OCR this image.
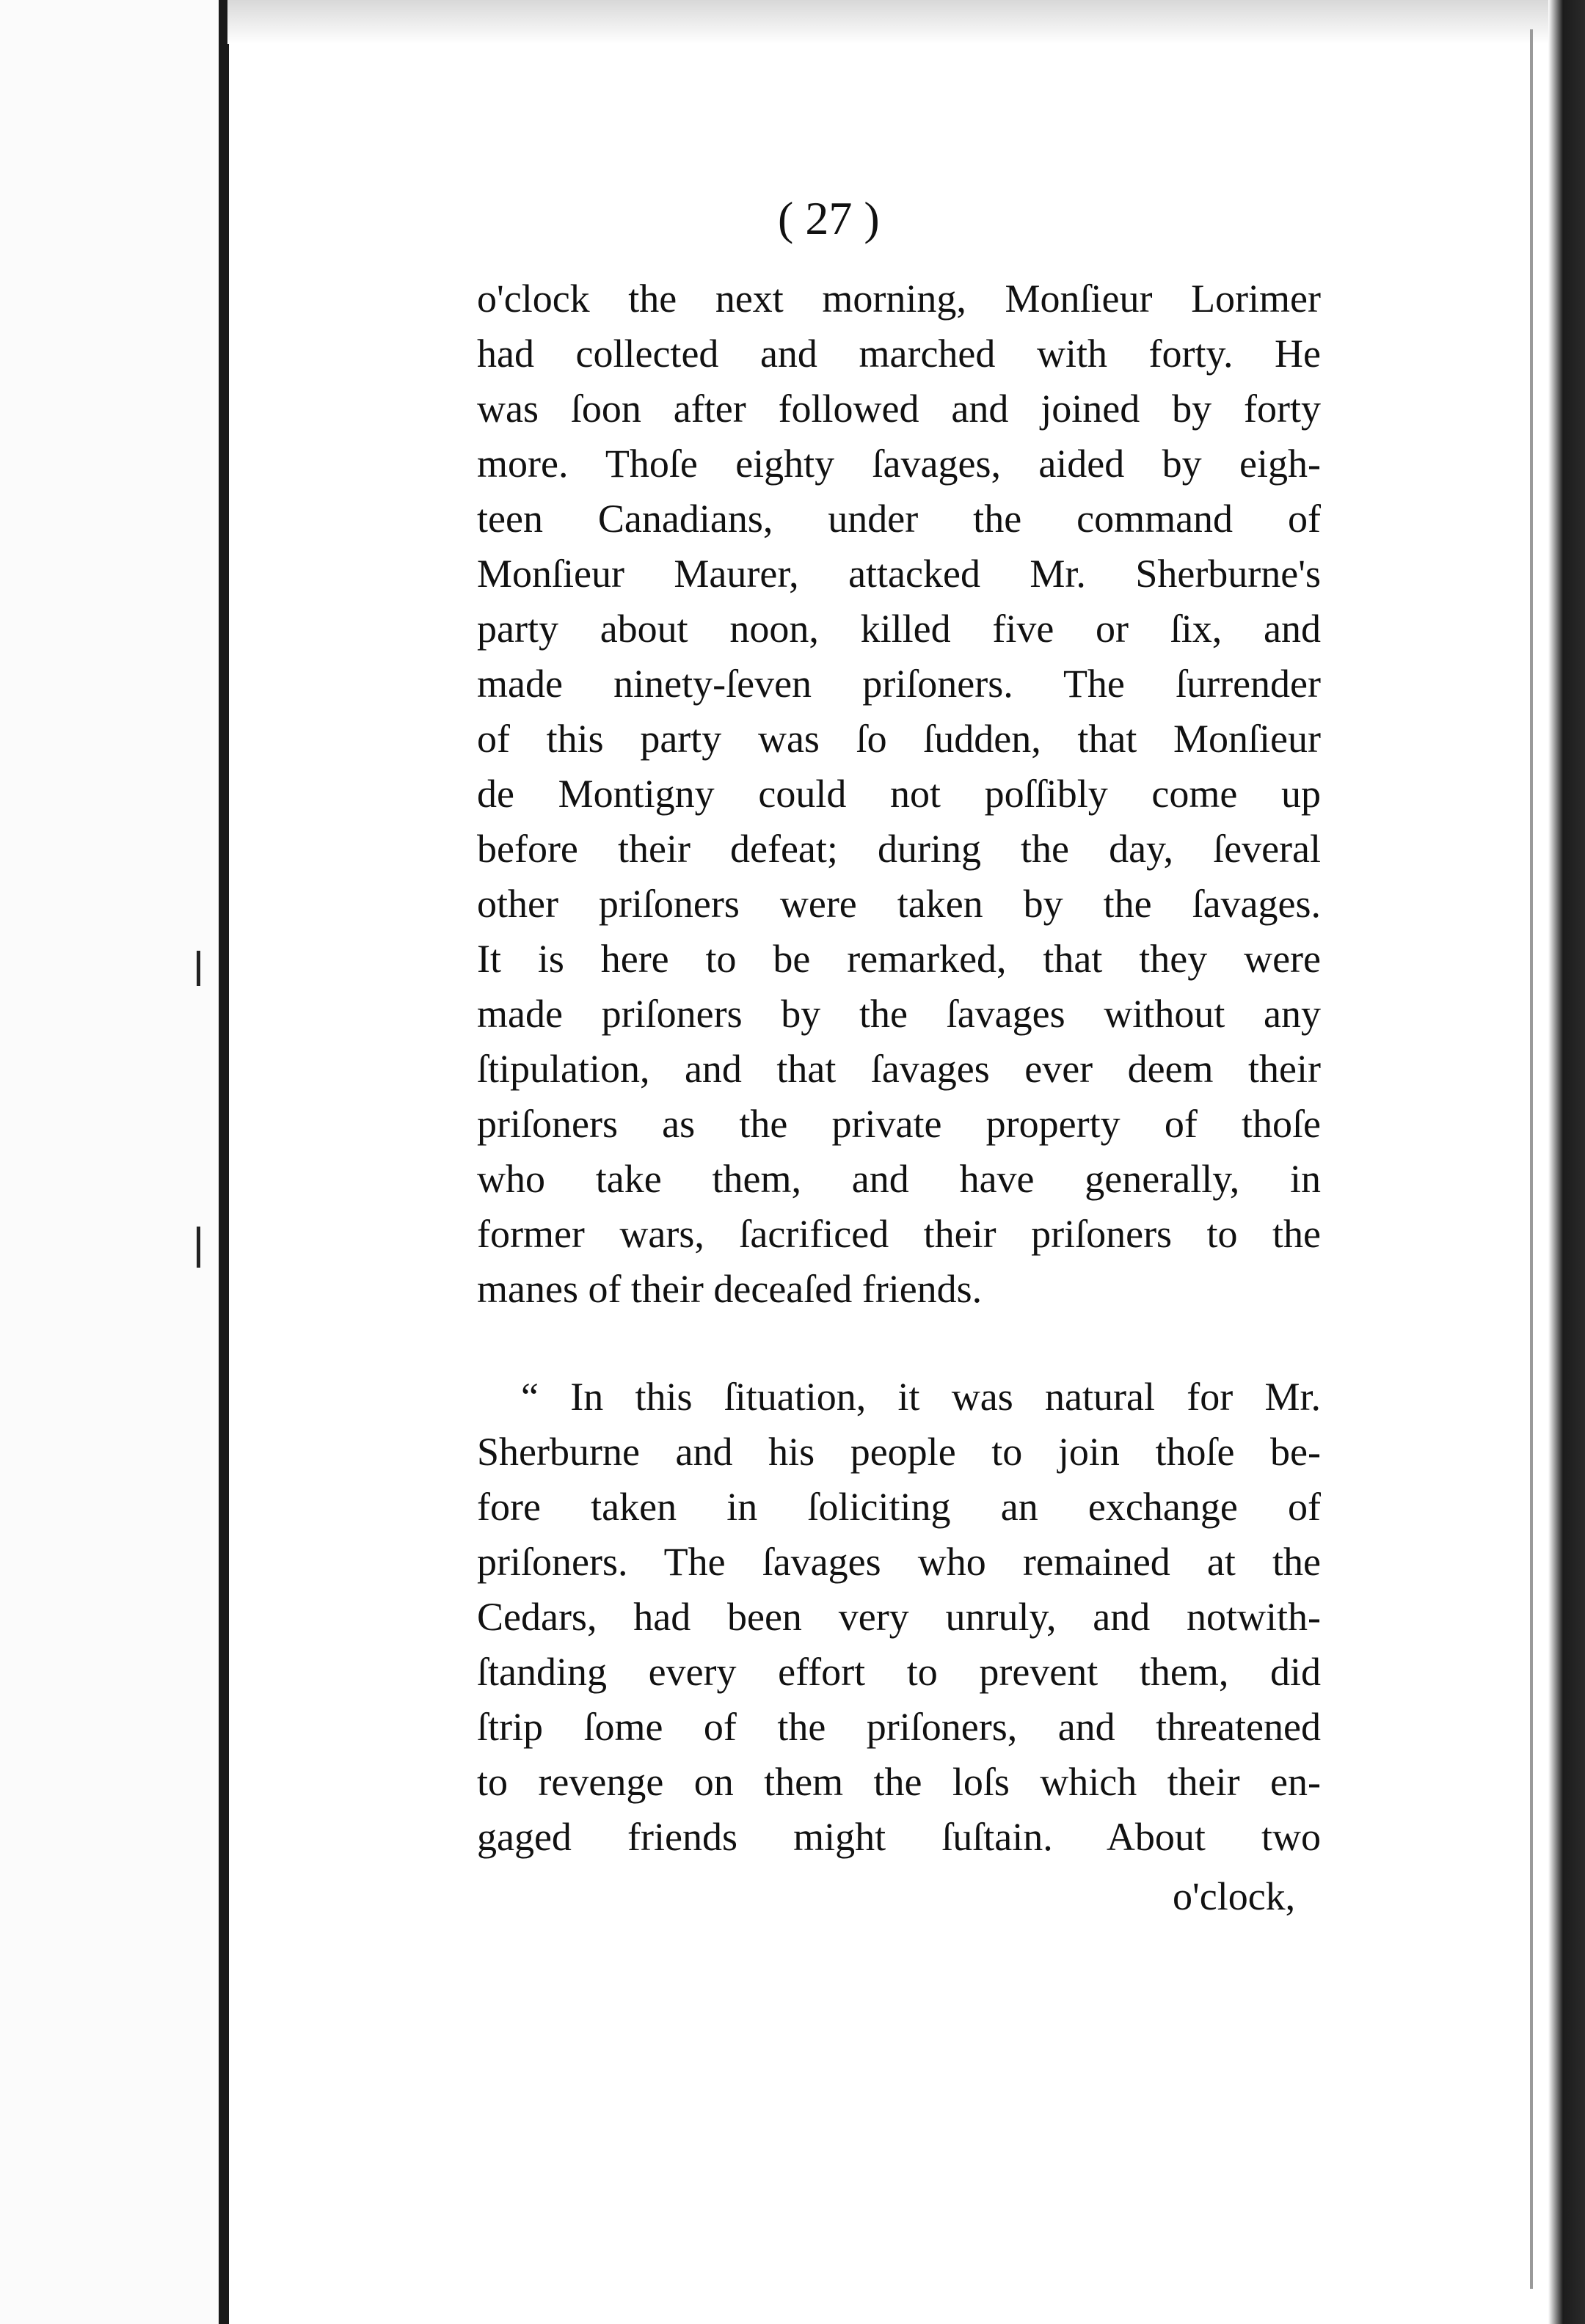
( 27 )
o'clock the next morning, Monſieur Lorimer
had collected and marched with forty. He
was ſoon after followed and joined by forty
more. Thoſe eighty ſavages, aided by eigh-
teen Canadians, under the command of
Monſieur Maurer, attacked Mr. Sherburne's
party about noon, killed five or ſix, and
made ninety-ſeven priſoners. The ſurrender
of this party was ſo ſudden, that Monſieur
de Montigny could not poſſibly come up
before their defeat; during the day, ſeveral
other priſoners were taken by the ſavages.
It is here to be remarked, that they were
made priſoners by the ſavages without any
ſtipulation, and that ſavages ever deem their
priſoners as the private property of thoſe
who take them, and have generally, in
former wars, ſacrificed their priſoners to the
manes of their deceaſed friends.
“ In this ſituation, it was natural for Mr.
Sherburne and his people to join thoſe be-
fore taken in ſoliciting an exchange of
priſoners. The ſavages who remained at the
Cedars, had been very unruly, and notwith-
ſtanding every effort to prevent them, did
ſtrip ſome of the priſoners, and threatened
to revenge on them the loſs which their en-
gaged friends might ſuſtain. About two
o'clock,
